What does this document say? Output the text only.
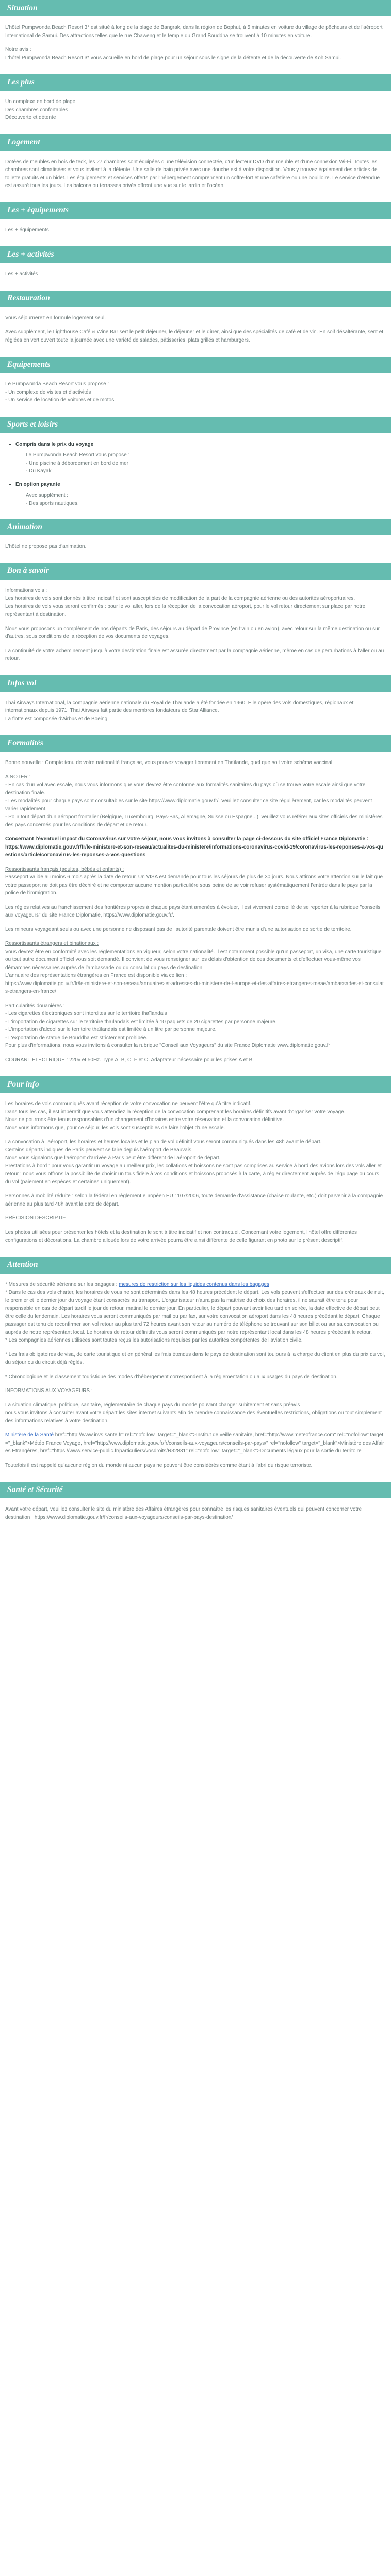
Situation

L'hôtel Pumpwonda Beach Resort 3* est situé à long de la plage de Bangrak, dans la région de Bophut, à 5 minutes en voiture du village de pêcheurs et de l'aéroport International de Samui. Des attractions telles que le rue Chaweng et le temple du Grand Bouddha se trouvent à 10 minutes en voiture.

Notre avis :

L'hôtel Pumpwonda Beach Resort 3* vous accueille en bord de plage pour un séjour sous le signe de la détente et de la découverte de Koh Samui.

Les plus

Un complexe en bord de plage

Des chambres confortables

Découverte et détente

Logement

Dotées de meubles en bois de teck, les 27 chambres sont équipées d'une télévision connectée, d'un lecteur DVD d'un meuble et d'une connexion Wi-Fi. Toutes les chambres sont climatisées et vous invitent à la détente. Une salle de bain privée avec une douche est à votre disposition. Vous y trouvez également des articles de toilette gratuits et un bidet. Les équipements et services offerts par l'hébergement comprennent un coffre-fort et une cafetière ou une bouilloire. Le service d'étendue est assuré tous les jours. Les balcons ou terrasses privés offrent une vue sur le jardin et l'océan.

Les + équipements

Les + équipements

Les + activités

Les + activités

Restauration

Vous séjournerez en formule logement seul.

Avec supplément, le Lighthouse Café & Wine Bar sert le petit déjeuner, le déjeuner et le dîner, ainsi que des spécialités de café et de vin. En soif désaltérante, sent et réglées en vert ouvert toute la journée avec une variété de salades, pâtisseries, plats grillés et hamburgers.

Equipements

Le Pumpwonda Beach Resort vous propose :

- Un complexe de visites et d'activités

- Un service de location de voitures et de motos.

Sports et loisirs
• Compris dans le prix du voyage
Le Pumpwonda Beach Resort vous propose :
- Une piscine à débordement en bord de mer
- Du Kayak
• En option payante
Avec supplément :
- Des sports nautiques.
Animation

L'hôtel ne propose pas d'animation.

Bon à savoir

Informations vols :

Les horaires de vols sont donnés à titre indicatif et sont susceptibles de modification de la part de la compagnie aérienne ou des autorités aéroportuaires.

Les horaires de vols vous seront confirmés : pour le vol aller, lors de la réception de la convocation aéroport, pour le vol retour directement sur place par notre représentant à destination.

Nous vous proposons un complément de nos départs de Paris, des séjours au départ de Province (en train ou en avion), avec retour sur la même destination ou sur d'autres, sous conditions de la réception de vos documents de voyages.

La continuité de votre acheminement jusqu'à votre destination finale est assurée directement par la compagnie aérienne, même en cas de perturbations à l'aller ou au retour.

Infos vol

Thai Airways International, la compagnie aérienne nationale du Royal de Thaïlande a été fondée en 1960. Elle opère des vols domestiques, régionaux et internationaux depuis 1971. Thai Airways fait partie des membres fondateurs de Star Alliance.

La flotte est composée d'Airbus et de Boeing.

Formalités

Bonne nouvelle : Compte tenu de votre nationalité française, vous pouvez voyager librement en Thaïlande, quel que soit votre schéma vaccinal.

A NOTER :

- En cas d'un vol avec escale, nous vous informons que vous devrez être conforme aux formalités sanitaires du pays où se trouve votre escale ainsi que votre destination finale.

- Les modalités pour chaque pays sont consultables sur le site https://www.diplomatie.gouv.fr/. Veuillez consulter ce site régulièrement, car les modalités peuvent varier rapidement.

- Pour tout départ d'un aéroport frontalier (Belgique, Luxembourg, Pays-Bas, Allemagne, Suisse ou Espagne...), veuillez vous référer aux sites officiels des ministères des pays concernés pour les conditions de départ et de retour.

Concernant l'éventuel impact du Coronavirus sur votre séjour, nous vous invitons à consulter la page ci-dessous du site officiel France Diplomatie :

https://www.diplomatie.gouv.fr/fr/le-ministere-et-son-reseau/actualites-du-ministere/informations-coronavirus-covid-19/coronavirus-les-reponses-a-vos-questions/article/coronavirus-les-reponses-a-vos-questions

Ressortissants français (adultes, bébés et enfants) :

Passeport valide au moins 6 mois après la date de retour. Un VISA est demandé pour tous les séjours de plus de 30 jours. Nous attirons votre attention sur le fait que votre passeport ne doit pas être déchiré et ne comporter aucune mention particulière sous peine de se voir refuser systématiquement l'entrée dans le pays par la police de l'immigration.

Les règles relatives au franchissement des frontières propres à chaque pays étant amenées à évoluer, il est vivement conseillé de se reporter à la rubrique "conseils aux voyageurs" du site France Diplomatie, https://www.diplomatie.gouv.fr/.

Les mineurs voyageant seuls ou avec une personne ne disposant pas de l'autorité parentale doivent être munis d'une autorisation de sortie de territoire.

Ressortissants étrangers et binationaux :

Vous devrez être en conformité avec les réglementations en vigueur, selon votre nationalité. Il est notamment possible qu'un passeport, un visa, une carte touristique ou tout autre document officiel vous soit demandé. Il convient de vous renseigner sur les délais d'obtention de ces documents et d'effectuer vous-même vos démarches nécessaires auprès de l'ambassade ou du consulat du pays de destination.

L'annuaire des représentations étrangères en France est disponible via ce lien :

https://www.diplomatie.gouv.fr/fr/le-ministere-et-son-reseau/annuaires-et-adresses-du-ministere-de-l-europe-et-des-affaires-etrangeres-meae/ambassades-et-consulats-etrangers-en-france/

Particularités douanières :

- Les cigarettes électroniques sont interdites sur le territoire thaïlandais

- L'importation de cigarettes sur le territoire thaïlandais est limitée à 10 paquets de 20 cigarettes par personne majeure.

- L'importation d'alcool sur le territoire thaïlandais est limitée à un litre par personne majeure.

- L'exportation de statue de Bouddha est strictement prohibée.

Pour plus d'informations, nous vous invitons à consulter la rubrique "Conseil aux Voyageurs" du site France Diplomatie www.diplomatie.gouv.fr

COURANT ELECTRIQUE : 220v et 50Hz. Type A, B, C, F et O. Adaptateur nécessaire pour les prises A et B.

Pour info

Les horaires de vols communiqués avant réception de votre convocation ne peuvent l'être qu'à titre indicatif.

Dans tous les cas, il est impératif que vous attendiez la réception de la convocation comprenant les horaires définitifs avant d'organiser votre voyage.

Nous ne pourrons être tenus responsables d'un changement d'horaires entre votre réservation et la convocation définitive.

Nous vous informons que, pour ce séjour, les vols sont susceptibles de faire l'objet d'une escale.

La convocation à l'aéroport, les horaires et heures locales et le plan de vol définitif vous seront communiqués dans les 48h avant le départ.

Certains départs indiqués de Paris peuvent se faire depuis l'aéroport de Beauvais.

Nous vous signalons que l'aéroport d'arrivée à Paris peut être différent de l'aéroport de départ.

Prestations à bord : pour vous garantir un voyage au meilleur prix, les collations et boissons ne sont pas comprises au service à bord des avions lors des vols aller et retour ; nous vous offrons la possibilité de choisir un tous fidèle à vos conditions et boissons proposés à la carte, à régler directement auprès de l'équipage ou cours du vol (paiement en espèces et certaines uniquement).

Personnes à mobilité réduite : selon la fédéral en règlement européen EU 1107/2006, toute demande d'assistance (chaise roulante, etc.) doit parvenir à la compagnie aérienne au plus tard 48h avant la date de départ.

PRÉCISION DESCRIPTIF

Les photos utilisées pour présenter les hôtels et la destination le sont à titre indicatif et non contractuel. Concernant votre logement, l'hôtel offre différentes configurations et décorations. La chambre allouée lors de votre arrivée pourra être ainsi différente de celle figurant en photo sur le présent descriptif.

Attention

* Mesures de sécurité aérienne sur les bagages : mesures de restriction sur les liquides contenus dans les bagages

* Dans le cas des vols charter, les horaires de vous ne sont déterminés dans les 48 heures précédent le départ. Les vols peuvent s'effectuer sur des créneaux de nuit, le premier et le dernier jour du voyage étant consacrés au transport. L'organisateur n'aura pas la maîtrise du choix des horaires, il ne saurait être tenu pour responsable en cas de départ tardif le jour de retour, matinal le dernier jour. En particulier, le départ pouvant avoir lieu tard en soirée, la date effective de départ peut être celle du lendemain. Les horaires vous seront communiqués par mail ou par fax, sur votre convocation aéroport dans les 48 heures précédant le départ. Chaque passager est tenu de reconfirmer son vol retour au plus tard 72 heures avant son retour au numéro de téléphone se trouvant sur son billet ou sur sa convocation ou auprès de notre représentant local. Le horaires de retour définitifs vous seront communiqués par notre représentant local dans les 48 heures précédant le retour.

* Les compagnies aériennes utilisées sont toutes reçus les autorisations requises par les autorités compétentes de l'aviation civile.

* Les frais obligatoires de visa, de carte touristique et en général les frais étendus dans le pays de destination sont toujours à la charge du client en plus du prix du vol, du séjour ou du circuit déjà réglés.

* Chronologique et le classement touristique des modes d'hébergement correspondent à la réglementation ou aux usages du pays de destination.

INFORMATIONS AUX VOYAGEURS :

La situation climatique, politique, sanitaire, réglementaire de chaque pays du monde pouvant changer subitement et sans préavis

nous vous invitons à consulter avant votre départ les sites internet suivants afin de prendre connaissance des éventuelles restrictions, obligations ou tout simplement des informations relatives à votre destination.

Ministère de la Santé href="http://www.invs.sante.fr" rel="nofollow" target="_blank">Institut de veille sanitaire, href="http://www.meteofrance.com" rel="nofollow" target="_blank">Météo France Voyage, href="http://www.diplomatie.gouv.fr/fr/conseils-aux-voyageurs/conseils-par-pays/" rel="nofollow" target="_blank">Ministère des Affaires Etrangères, href="https://www.service-public.fr/particuliers/vosdroits/R32831" rel="nofollow" target="_blank">Documents légaux pour la sortie du territoire

Toutefois il est rappelé qu'aucune région du monde ni aucun pays ne peuvent être considérés comme étant à l'abri du risque terroriste.

Santé et Sécurité

Avant votre départ, veuillez consulter le site du ministère des Affaires étrangères pour connaître les risques sanitaires éventuels qui peuvent concerner votre destination : https://www.diplomatie.gouv.fr/fr/conseils-aux-voyageurs/conseils-par-pays-destination/
